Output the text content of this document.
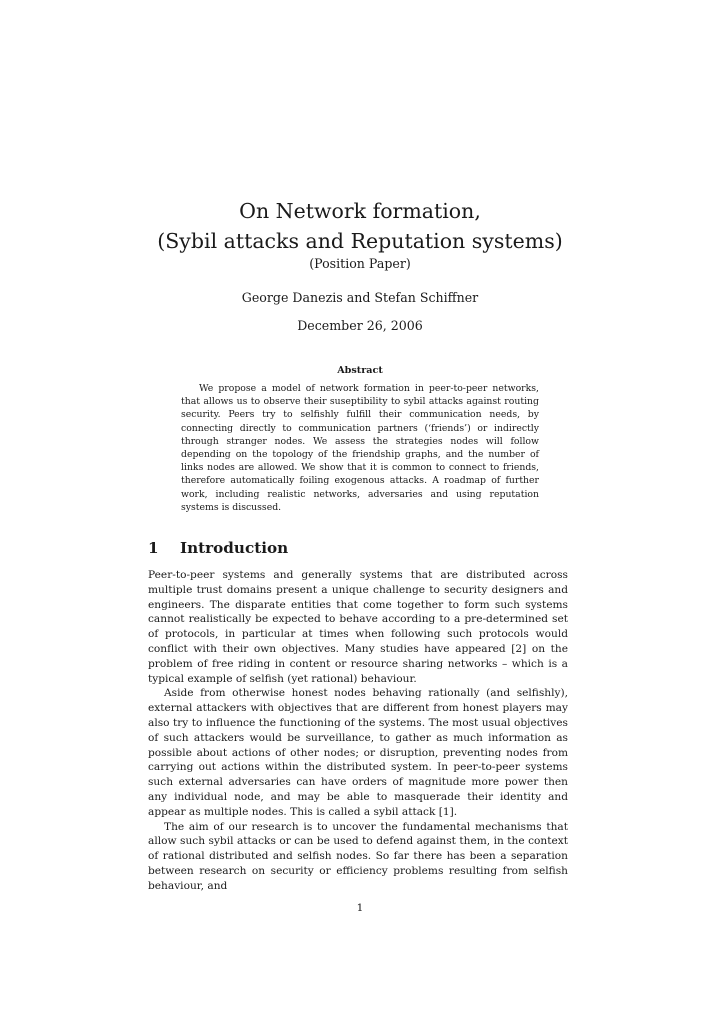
On Network formation,
(Sybil attacks and Reputation systems)
(Position Paper)
George Danezis and Stefan Schiffner
December 26, 2006
Abstract

We propose a model of network formation in peer-to-peer networks, that allows us to observe their suseptibility to sybil attacks against routing security. Peers try to selfishly fulfill their communication needs, by connecting directly to communication partners (‘friends’) or indirectly through stranger nodes. We assess the strategies nodes will follow depending on the topology of the friendship graphs, and the number of links nodes are allowed. We show that it is common to connect to friends, therefore automatically foiling exogenous attacks. A roadmap of further work, including realistic networks, adversaries and using reputation systems is discussed.

1 Introduction

Peer-to-peer systems and generally systems that are distributed across multiple trust domains present a unique challenge to security designers and engineers. The disparate entities that come together to form such systems cannot realistically be expected to behave according to a pre-determined set of protocols, in particular at times when following such protocols would conflict with their own objectives. Many studies have appeared [2] on the problem of free riding in content or resource sharing networks – which is a typical example of selfish (yet rational) behaviour.

Aside from otherwise honest nodes behaving rationally (and selfishly), external attackers with objectives that are different from honest players may also try to influence the functioning of the systems. The most usual objectives of such attackers would be surveillance, to gather as much information as possible about actions of other nodes; or disruption, preventing nodes from carrying out actions within the distributed system. In peer-to-peer systems such external adversaries can have orders of magnitude more power then any individual node, and may be able to masquerade their identity and appear as multiple nodes. This is called a sybil attack [1].

The aim of our research is to uncover the fundamental mechanisms that allow such sybil attacks or can be used to defend against them, in the context of rational distributed and selfish nodes. So far there has been a separation between research on security or efficiency problems resulting from selfish behaviour, and

1
